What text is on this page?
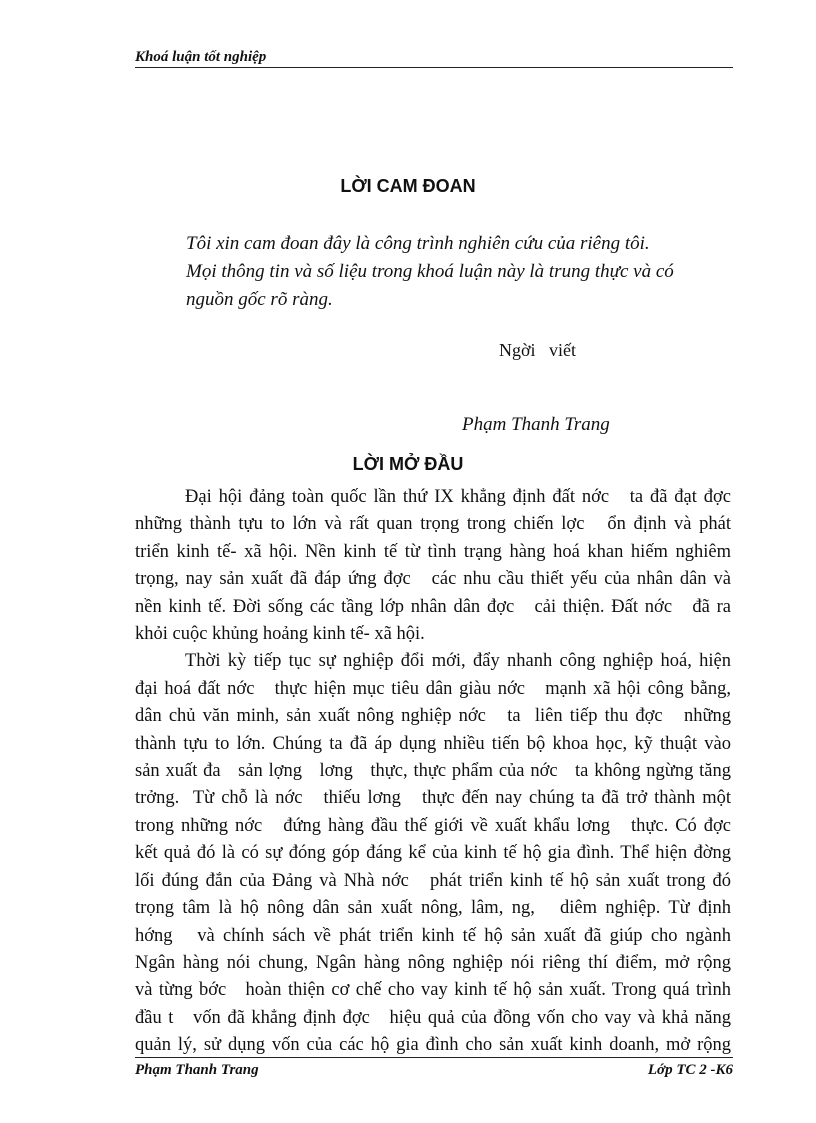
Khoá luận tốt nghiệp
LỜI CAM ĐOAN
Tôi xin cam đoan đây là công trình nghiên cứu của riêng tôi.
Mọi thông tin và số liệu trong khoá luận này là trung thực và có
nguồn gốc rõ ràng.
Ngời   viết
Phạm Thanh Trang
LỜI MỞ ĐẦU
Đại hội đảng toàn quốc lần thứ IX khẳng định đất nớc   ta đã đạt đợc
những thành tựu to lớn và rất quan trọng trong chiến lợc   ổn định và phát
triển kinh tế- xã hội. Nền kinh tế từ tình trạng hàng hoá khan hiếm nghiêm
trọng, nay sản xuất đã đáp ứng đợc   các nhu cầu thiết yếu của nhân dân và
nền kinh tế. Đời sống các tầng lớp nhân dân đợc   cải thiện. Đất nớc   đã ra
khỏi cuộc khủng hoảng kinh tế- xã hội.
Thời kỳ tiếp tục sự nghiệp đổi mới, đẩy nhanh công nghiệp hoá, hiện
đại hoá đất nớc   thực hiện mục tiêu dân giàu nớc   mạnh xã hội công bằng,
dân chủ văn minh, sản xuất nông nghiệp nớc   ta  liên tiếp thu đợc   những
thành tựu to lớn. Chúng ta đã áp dụng nhiều tiến bộ khoa học, kỹ thuật vào
sản xuất đa   sản lợng   lơng   thực, thực phẩm của nớc   ta không ngừng tăng
trởng.  Từ chỗ là nớc   thiếu lơng   thực đến nay chúng ta đã trở thành một
trong những nớc   đứng hàng đầu thế giới về xuất khẩu lơng   thực. Có đợc
kết quả đó là có sự đóng góp đáng kể của kinh tế hộ gia đình. Thể hiện đờng
lối đúng đắn của Đảng và Nhà nớc   phát triển kinh tế hộ sản xuất trong đó
trọng tâm là hộ nông dân sản xuất nông, lâm, ng,   diêm nghiệp. Từ định
hớng   và chính sách về phát triển kinh tế hộ sản xuất đã giúp cho ngành
Ngân hàng nói chung, Ngân hàng nông nghiệp nói riêng thí điểm, mở rộng
và từng bớc   hoàn thiện cơ chế cho vay kinh tế hộ sản xuất. Trong quá trình
đầu t   vốn đã khẳng định đợc   hiệu quả của đồng vốn cho vay và khả năng
quản lý, sử dụng vốn của các hộ gia đình cho sản xuất kinh doanh, mở rộng
Phạm Thanh Trang	Lớp TC 2 -K6
